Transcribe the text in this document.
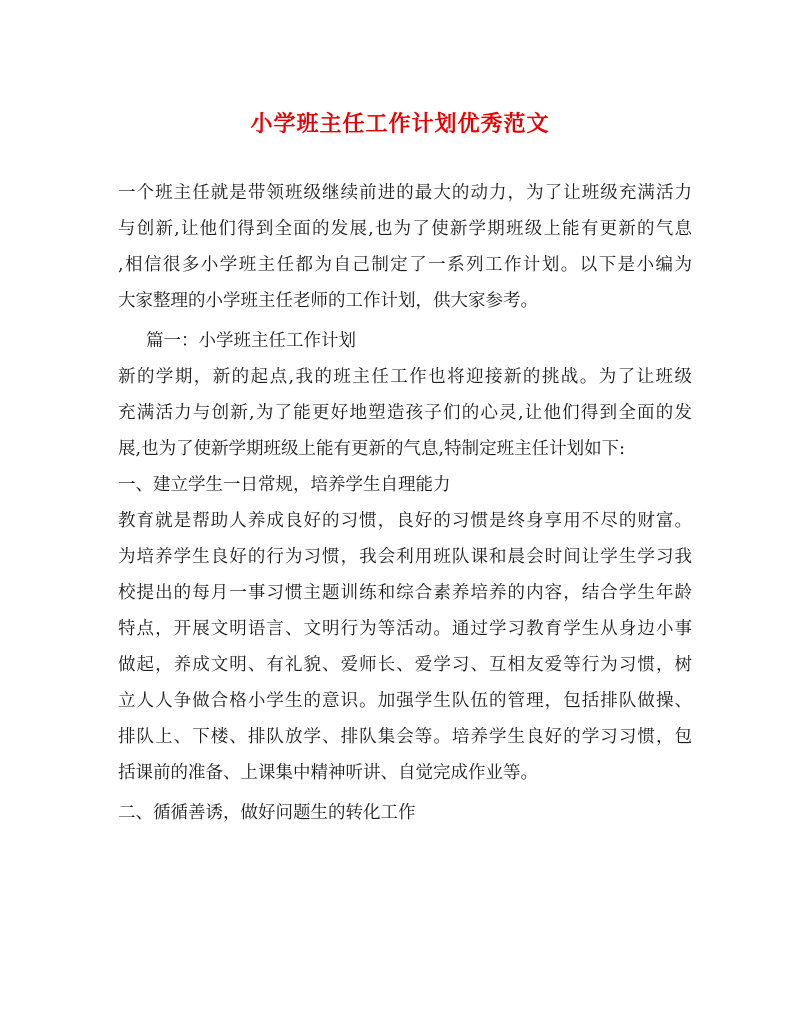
小学班主任工作计划优秀范文
一个班主任就是带领班级继续前进的最大的动力，为了让班级充满活力
与创新,让他们得到全面的发展,也为了使新学期班级上能有更新的气息
,相信很多小学班主任都为自己制定了一系列工作计划。以下是小编为
大家整理的小学班主任老师的工作计划，供大家参考。
篇一：小学班主任工作计划
新的学期，新的起点,我的班主任工作也将迎接新的挑战。为了让班级
充满活力与创新,为了能更好地塑造孩子们的心灵,让他们得到全面的发
展,也为了使新学期班级上能有更新的气息,特制定班主任计划如下:
一、建立学生一日常规，培养学生自理能力
教育就是帮助人养成良好的习惯，良好的习惯是终身享用不尽的财富。
为培养学生良好的行为习惯，我会利用班队课和晨会时间让学生学习我
校提出的每月一事习惯主题训练和综合素养培养的内容，结合学生年龄
特点，开展文明语言、文明行为等活动。通过学习教育学生从身边小事
做起，养成文明、有礼貌、爱师长、爱学习、互相友爱等行为习惯，树
立人人争做合格小学生的意识。加强学生队伍的管理，包括排队做操、
排队上、下楼、排队放学、排队集会等。培养学生良好的学习习惯，包
括课前的准备、上课集中精神听讲、自觉完成作业等。
二、循循善诱，做好问题生的转化工作
